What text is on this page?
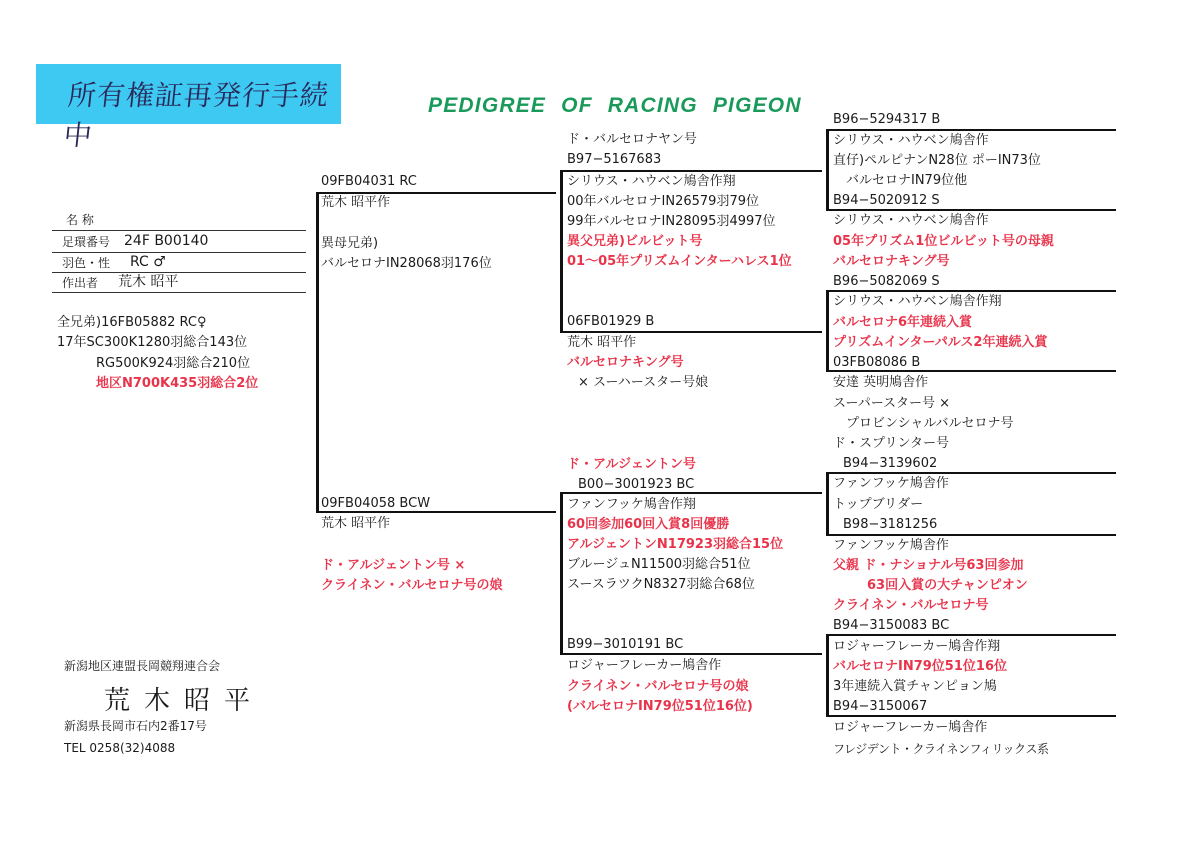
所有権証再発行手続中
PEDIGREE OF RACING PIGEON
名 称
足環番号 24F B00140
羽色・性 RC ♂
作出者 荒木 昭平
全兄弟)16FB05882 RC♀
17年SC300K1280羽総合143位
RG500K924羽総合210位
地区N700K435羽総合2位
新潟地区連盟長岡競翔連合会
荒木昭平
新潟県長岡市石内2番17号
TEL 0258(32)4088
09FB04031 RC
荒木 昭平作
異母兄弟)
バルセロナIN28068羽176位
09FB04058 BCW
荒木 昭平作
ド・アルジェントン号 ×
クライネン・バルセロナ号の娘
ド・バルセロナヤン号
B97−5167683
シリウス・ハウベン鳩舎作翔
00年バルセロナIN26579羽79位
99年バルセロナIN28095羽4997位
異父兄弟)ビルビット号
01〜05年プリズムインターハレス1位
06FB01929 B
荒木 昭平作
バルセロナキング号
× スーハースター号娘
ド・アルジェントン号
B00−3001923 BC
ファンフッケ鳩舎作翔
60回参加60回入賞8回優勝
アルジェントンN17923羽総合15位
ブルージュN11500羽総合51位
スースラツクN8327羽総合68位
B99−3010191 BC
ロジャーフレーカー鳩舎作
クライネン・バルセロナ号の娘
(バルセロナIN79位51位16位)
B96−5294317 B
シリウス・ハウベン鳩舎作
直仔)ペルピナンN28位 ポーIN73位
　バルセロナIN79位他
B94−5020912 S
シリウス・ハウベン鳩舎作
05年プリズム1位ビルビット号の母親
バルセロナキング号
B96−5082069 S
シリウス・ハウベン鳩舎作翔
バルセロナ6年連続入賞
プリズムインターパルス2年連続入賞
03FB08086 B
安達 英明鳩舎作
スーパースター号 ×
　プロビンシャルバルセロナ号
ド・スプリンター号
B94−3139602
ファンフッケ鳩舎作
トップブリダー
B98−3181256
ファンフッケ鳩舎作
父親 ド・ナショナル号63回参加
63回入賞の大チャンピオン
クライネン・バルセロナ号
B94−3150083 BC
ロジャーフレーカー鳩舎作翔
バルセロナIN79位51位16位
3年連続入賞チャンピョン鳩
B94−3150067
ロジャーフレーカー鳩舎作
フレジデント・クライネンフィリックス系
